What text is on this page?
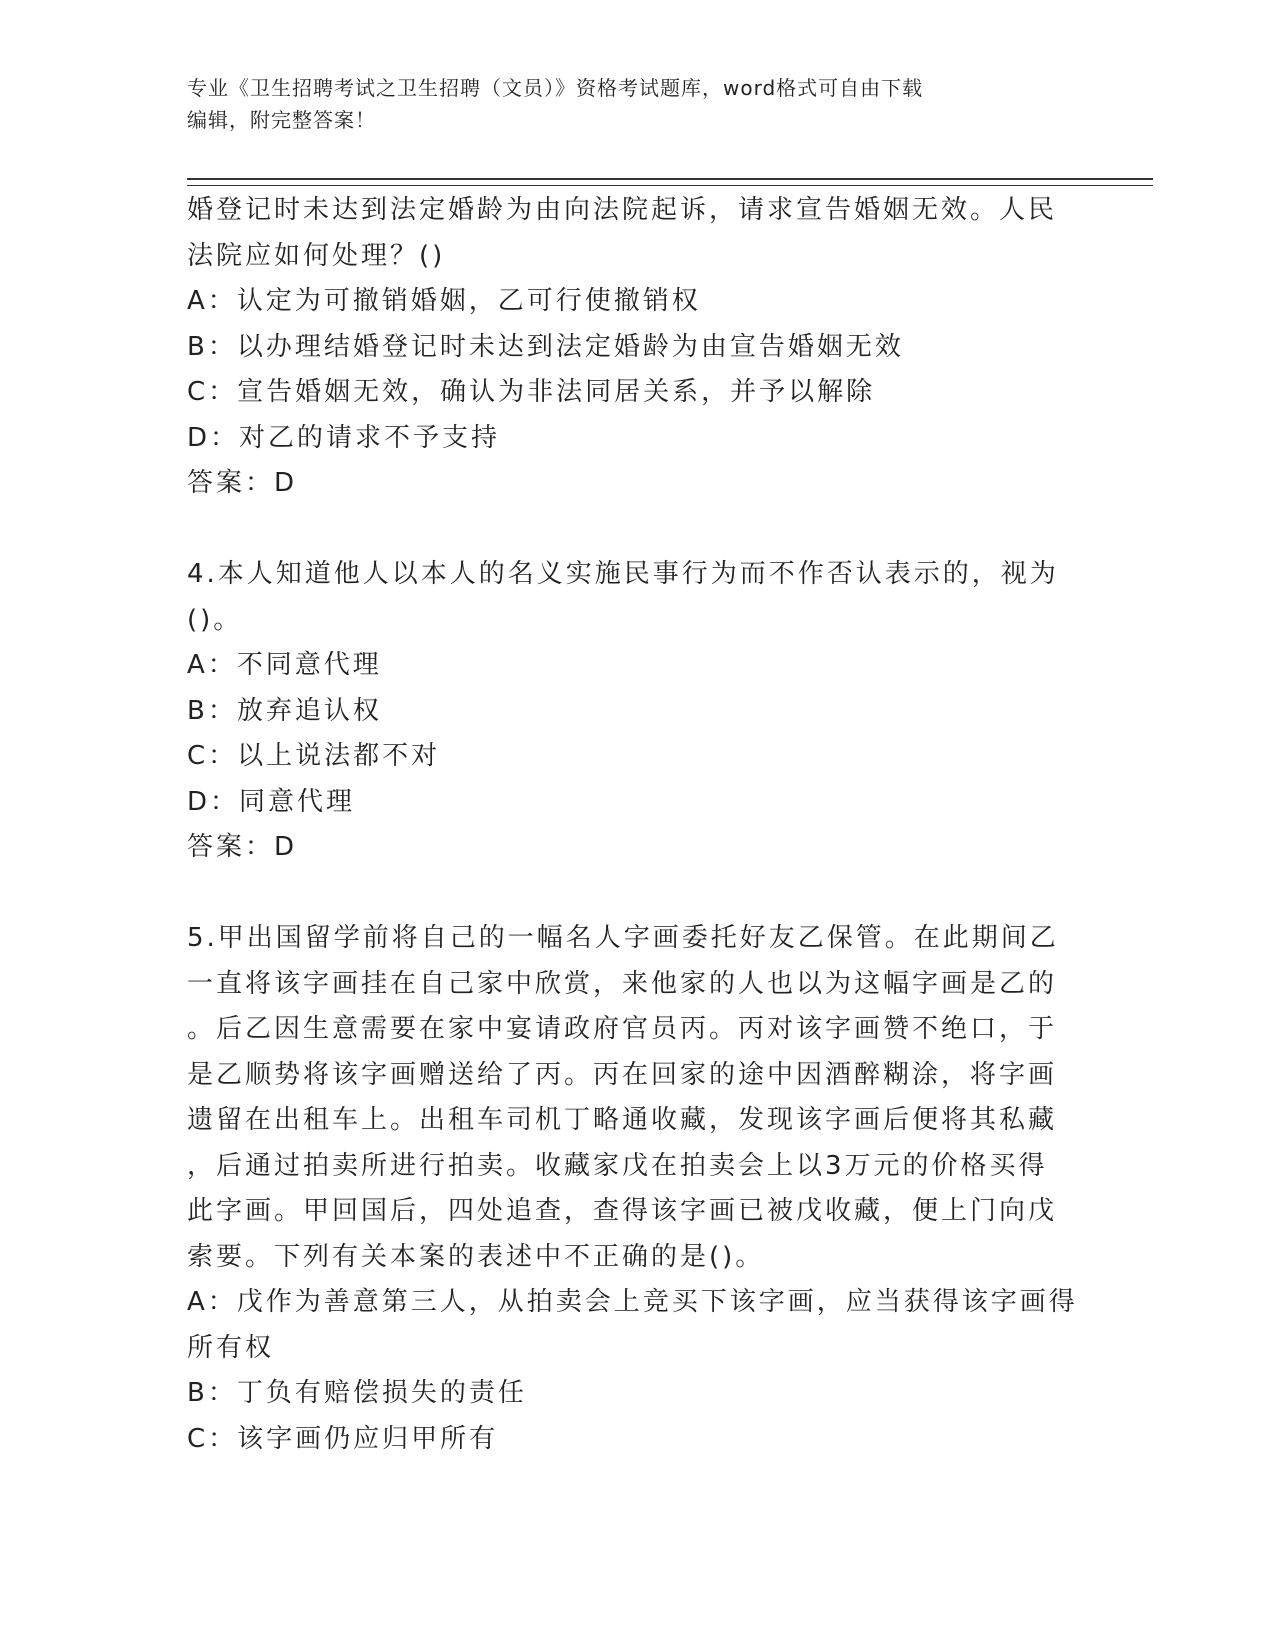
专业《卫生招聘考试之卫生招聘（文员）》资格考试题库，word格式可自由下载
编辑，附完整答案！
婚登记时未达到法定婚龄为由向法院起诉，请求宣告婚姻无效。人民
法院应如何处理？()
A：认定为可撤销婚姻，乙可行使撤销权
B：以办理结婚登记时未达到法定婚龄为由宣告婚姻无效
C：宣告婚姻无效，确认为非法同居关系，并予以解除
D：对乙的请求不予支持
答案：D
4.本人知道他人以本人的名义实施民事行为而不作否认表示的，视为
()。
A：不同意代理
B：放弃追认权
C：以上说法都不对
D：同意代理
答案：D
5.甲出国留学前将自己的一幅名人字画委托好友乙保管。在此期间乙
一直将该字画挂在自己家中欣赏，来他家的人也以为这幅字画是乙的
。后乙因生意需要在家中宴请政府官员丙。丙对该字画赞不绝口，于
是乙顺势将该字画赠送给了丙。丙在回家的途中因酒醉糊涂，将字画
遗留在出租车上。出租车司机丁略通收藏，发现该字画后便将其私藏
，后通过拍卖所进行拍卖。收藏家戊在拍卖会上以3万元的价格买得
此字画。甲回国后，四处追查，查得该字画已被戊收藏，便上门向戊
索要。下列有关本案的表述中不正确的是()。
A：戊作为善意第三人，从拍卖会上竞买下该字画，应当获得该字画得
所有权
B：丁负有赔偿损失的责任
C：该字画仍应归甲所有
